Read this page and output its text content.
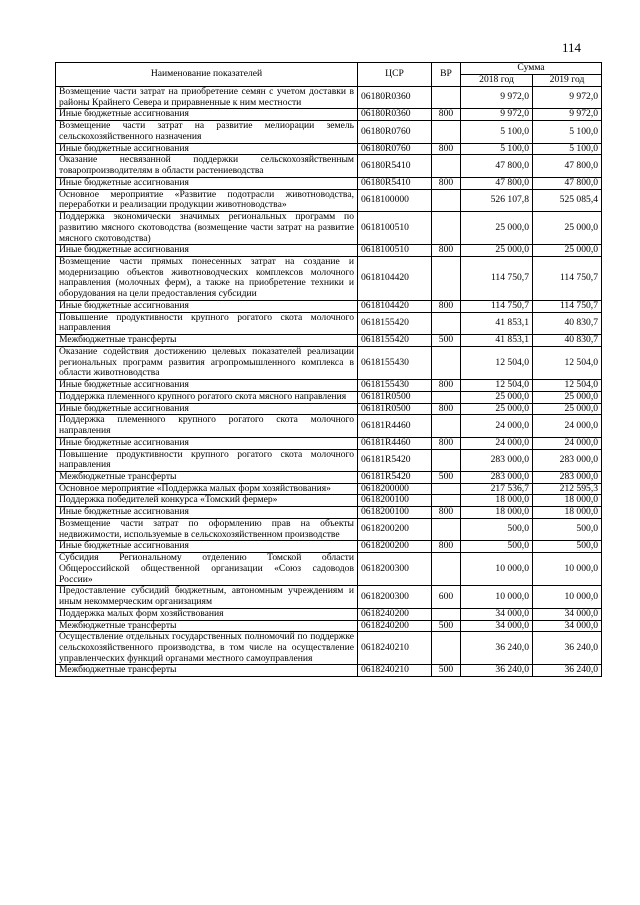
114
Наименование показателей	ЦСР	ВР	Сумма	
			2018 год	2019 год
Возмещение части затрат на приобретение семян с учетом доставки в районы Крайнего Севера и приравненные к ним местности	06180R0360		9 972,0	9 972,0
Иные бюджетные ассигнования	06180R0360	800	9 972,0	9 972,0
Возмещение части затрат на развитие мелиорации земель сельскохозяйственного назначения	06180R0760		5 100,0	5 100,0
Иные бюджетные ассигнования	06180R0760	800	5 100,0	5 100,0
Оказание несвязанной поддержки сельскохозяйственным товаропроизводителям в области растениеводства	06180R5410		47 800,0	47 800,0
Иные бюджетные ассигнования	06180R5410	800	47 800,0	47 800,0
Основное мероприятие «Развитие подотрасли животноводства, переработки и реализации продукции животноводства»	0618100000		526 107,8	525 085,4
Поддержка экономически значимых региональных программ по развитию мясного скотоводства (возмещение части затрат на развитие мясного скотоводства)	0618100510		25 000,0	25 000,0
Иные бюджетные ассигнования	0618100510	800	25 000,0	25 000,0
Возмещение части прямых понесенных затрат на создание и модернизацию объектов животноводческих комплексов молочного направления (молочных ферм), а также на приобретение техники и оборудования на цели предоставления субсидии	0618104420		114 750,7	114 750,7
Иные бюджетные ассигнования	0618104420	800	114 750,7	114 750,7
Повышение продуктивности крупного рогатого скота молочного направления	0618155420		41 853,1	40 830,7
Межбюджетные трансферты	0618155420	500	41 853,1	40 830,7
Оказание содействия достижению целевых показателей реализации региональных программ развития агропромышленного комплекса в области животноводства	0618155430		12 504,0	12 504,0
Иные бюджетные ассигнования	0618155430	800	12 504,0	12 504,0
Поддержка племенного крупного рогатого скота мясного направления	06181R0500		25 000,0	25 000,0
Иные бюджетные ассигнования	06181R0500	800	25 000,0	25 000,0
Поддержка племенного крупного рогатого скота молочного направления	06181R4460		24 000,0	24 000,0
Иные бюджетные ассигнования	06181R4460	800	24 000,0	24 000,0
Повышение продуктивности крупного рогатого скота молочного направления	06181R5420		283 000,0	283 000,0
Межбюджетные трансферты	06181R5420	500	283 000,0	283 000,0
Основное мероприятие «Поддержка малых форм хозяйствования»	0618200000		217 536,7	212 595,3
Поддержка победителей конкурса «Томский фермер»	0618200100		18 000,0	18 000,0
Иные бюджетные ассигнования	0618200100	800	18 000,0	18 000,0
Возмещение части затрат по оформлению прав на объекты недвижимости, используемые в сельскохозяйственном производстве	0618200200		500,0	500,0
Иные бюджетные ассигнования	0618200200	800	500,0	500,0
Субсидия Региональному отделению Томской области Общероссийской общественной организации «Союз садоводов России»	0618200300		10 000,0	10 000,0
Предоставление субсидий бюджетным, автономным учреждениям и иным некоммерческим организациям	0618200300	600	10 000,0	10 000,0
Поддержка малых форм хозяйствования	0618240200		34 000,0	34 000,0
Межбюджетные трансферты	0618240200	500	34 000,0	34 000,0
Осуществление отдельных государственных полномочий по поддержке сельскохозяйственного производства, в том числе на осуществление управленческих функций органами местного самоуправления	0618240210		36 240,0	36 240,0
Межбюджетные трансферты	0618240210	500	36 240,0	36 240,0
